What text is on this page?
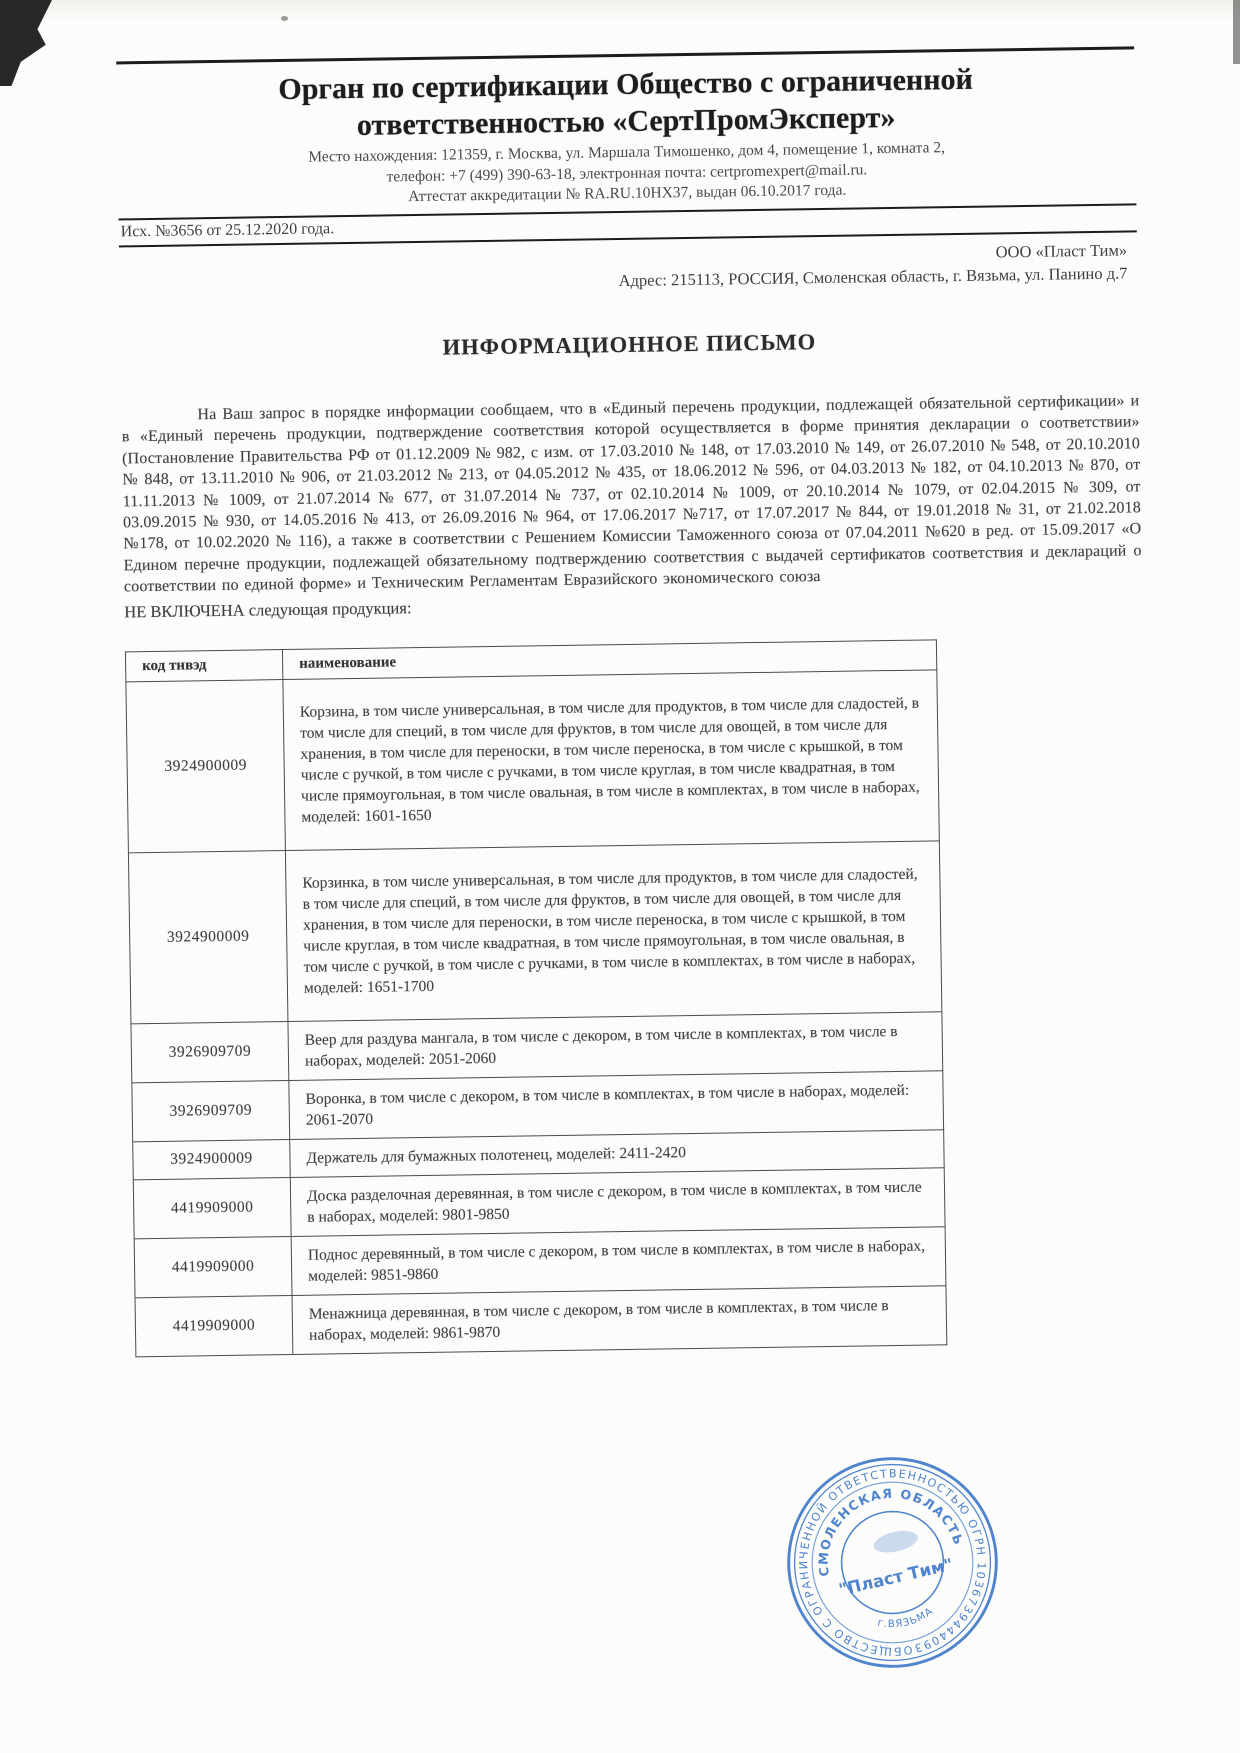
Орган по сертификации Общество с ограниченной
ответственностью «СертПромЭксперт»
Место нахождения: 121359, г. Москва, ул. Маршала Тимошенко, дом 4, помещение 1, комната 2,
телефон: +7 (499) 390-63-18, электронная почта: certpromexpert@mail.ru.
Аттестат аккредитации № RA.RU.10НХ37, выдан 06.10.2017 года.
Исх. №3656 от 25.12.2020 года.
ООО «Пласт Тим»
Адрес: 215113, РОССИЯ, Смоленская область, г. Вязьма, ул. Панино д.7
ИНФОРМАЦИОННОЕ ПИСЬМО

На Ваш запрос в порядке информации сообщаем, что в «Единый перечень продукции, подлежащей обязательной сертификации» и в «Единый перечень продукции, подтверждение соответствия которой осуществляется в форме принятия декларации о соответствии» (Постановление Правительства РФ от 01.12.2009 № 982, с изм. от 17.03.2010 № 148, от 17.03.2010 № 149, от 26.07.2010 № 548, от 20.10.2010 № 848, от 13.11.2010 № 906, от 21.03.2012 № 213, от 04.05.2012 № 435, от 18.06.2012 № 596, от 04.03.2013 № 182, от 04.10.2013 № 870, от 11.11.2013 № 1009, от 21.07.2014 № 677, от 31.07.2014 № 737, от 02.10.2014 № 1009, от 20.10.2014 № 1079, от 02.04.2015 № 309, от 03.09.2015 № 930, от 14.05.2016 № 413, от 26.09.2016 № 964, от 17.06.2017 №717, от 17.07.2017 № 844, от 19.01.2018 № 31, от 21.02.2018 №178, от 10.02.2020 № 116), а также в соответствии с Решением Комиссии Таможенного союза от 07.04.2011 №620 в ред. от 15.09.2017 «О Едином перечне продукции, подлежащей обязательному подтверждению соответствия с выдачей сертификатов соответствия и деклараций о соответствии по единой форме» и Техническим Регламентам Евразийского экономического союза

НЕ ВКЛЮЧЕНА следующая продукция:
код тнвэд	наименование
3924900009	Корзина, в том числе универсальная, в том числе для продуктов, в том числе для сладостей, в том числе для специй, в том числе для фруктов, в том числе для овощей, в том числе для хранения, в том числе для переноски, в том числе переноска, в том числе с крышкой, в том числе с ручкой, в том числе с ручками, в том числе круглая, в том числе квадратная, в том числе прямоугольная, в том числе овальная, в том числе в комплектах, в том числе в наборах, моделей: 1601-1650
3924900009	Корзинка, в том числе универсальная, в том числе для продуктов, в том числе для сладостей, в том числе для специй, в том числе для фруктов, в том числе для овощей, в том числе для хранения, в том числе для переноски, в том числе переноска, в том числе с крышкой, в том числе круглая, в том числе квадратная, в том числе прямоугольная, в том числе овальная, в том числе с ручкой, в том числе с ручками, в том числе в комплектах, в том числе в наборах, моделей: 1651-1700
3926909709	Веер для раздува мангала, в том числе с декором, в том числе в комплектах, в том числе в наборах, моделей: 2051-2060
3926909709	Воронка, в том числе с декором, в том числе в комплектах, в том числе в наборах, моделей: 2061-2070
3924900009	Держатель для бумажных полотенец, моделей: 2411-2420
4419909000	Доска разделочная деревянная, в том числе с декором, в том числе в комплектах, в том числе в наборах, моделей: 9801-9850
4419909000	Поднос деревянный, в том числе с декором, в том числе в комплектах, в том числе в наборах, моделей: 9851-9860
4419909000	Менажница деревянная, в том числе с декором, в том числе в комплектах, в том числе в наборах, моделей: 9861-9870
ОБЩЕСТВО С ОГРАНИЧЕННОЙ ОТВЕТСТВЕННОСТЬЮ ОГРН 1036739444093
СМОЛЕНСКАЯ ОБЛАСТЬ
г.ВЯЗЬМА
"Пласт Тим"
